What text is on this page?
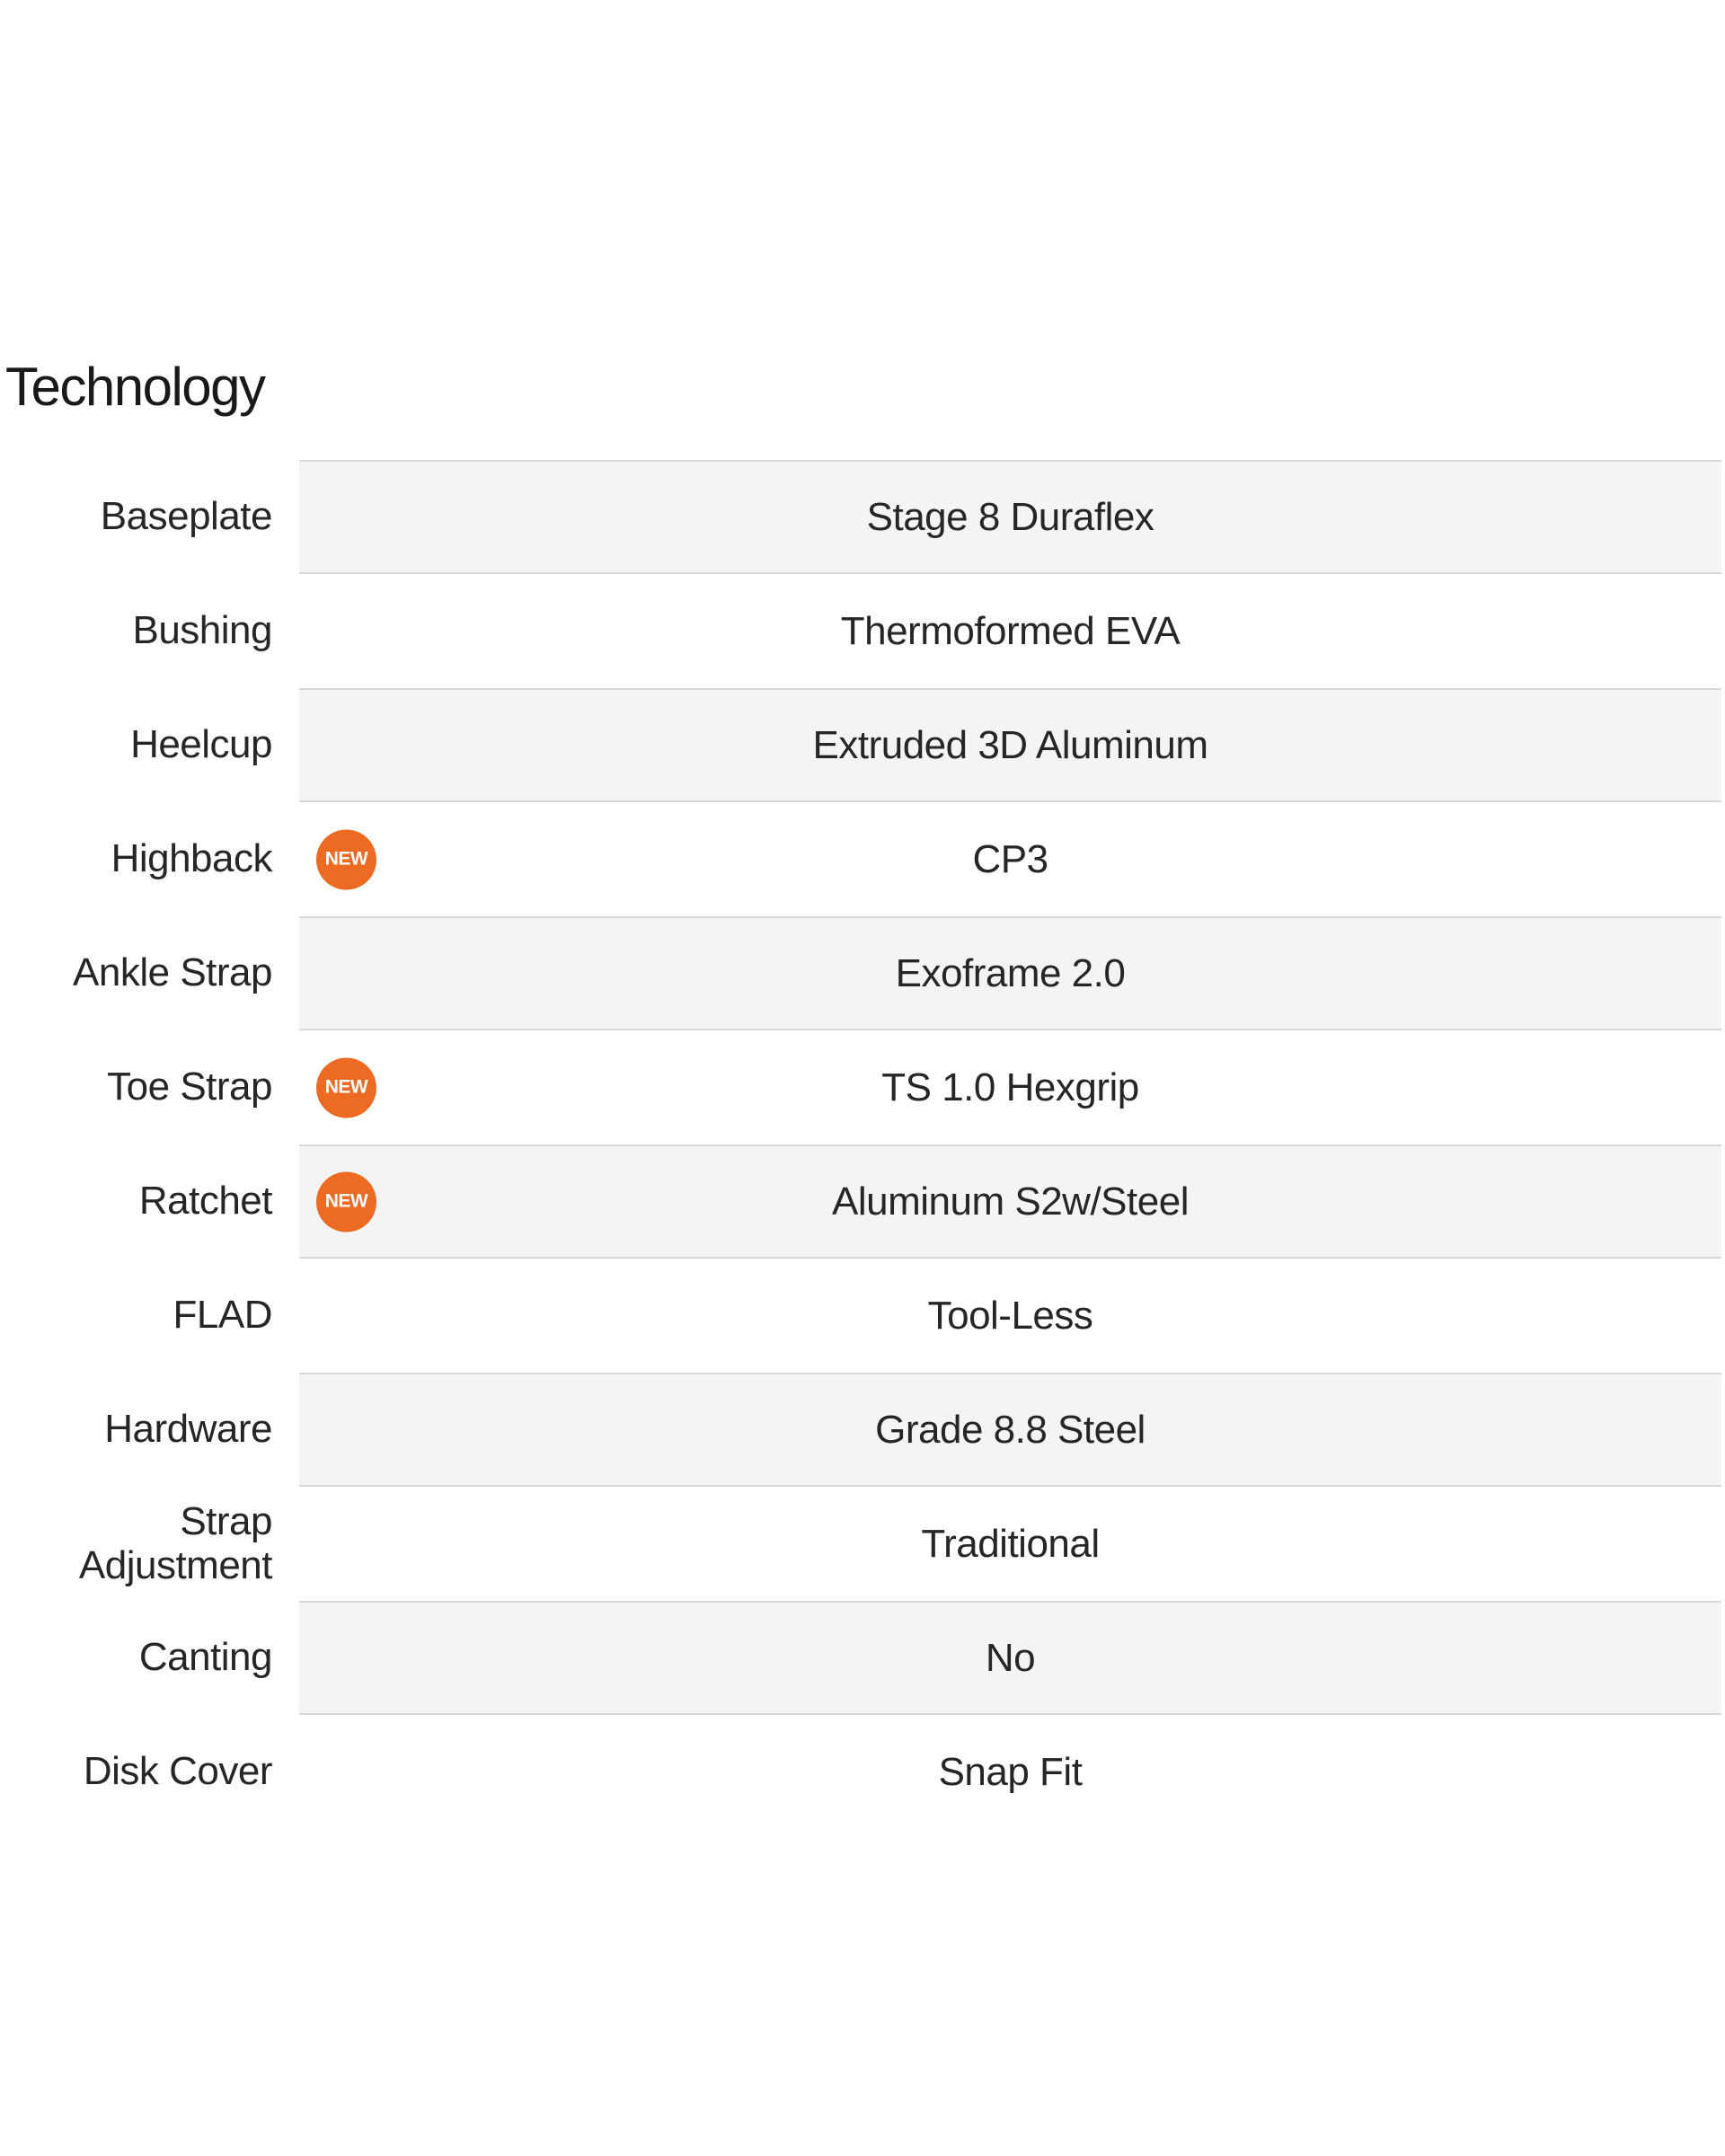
Technology
Baseplate	Stage 8 Duraflex
Bushing	Thermoformed EVA
Heelcup	Extruded 3D Aluminum
Highback	NEW	CP3
Ankle Strap	Exoframe 2.0
Toe Strap	NEW	TS 1.0 Hexgrip
Ratchet	NEW	Aluminum S2w/Steel
FLAD	Tool-Less
Hardware	Grade 8.8 Steel
Strap Adjustment	Traditional
Canting	No
Disk Cover	Snap Fit
